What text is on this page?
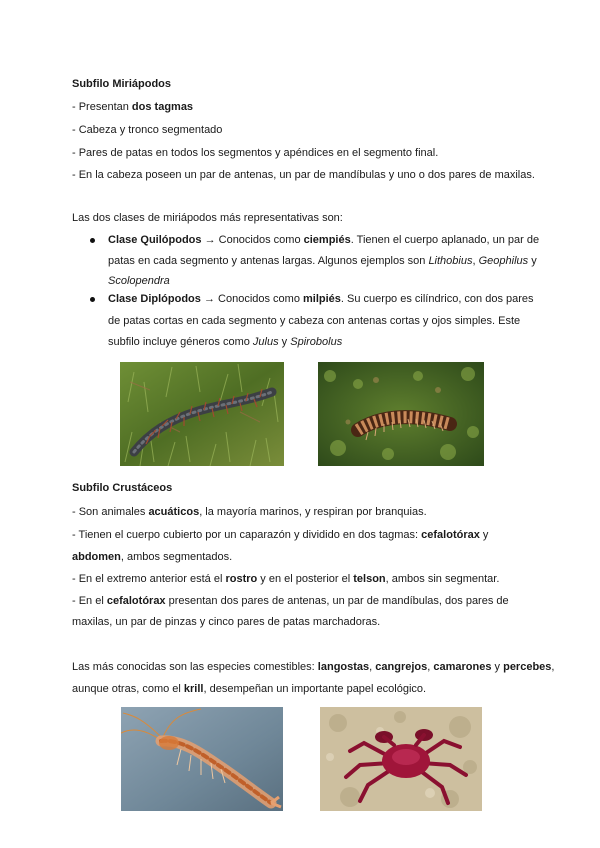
Subfilo Miriápodos
- Presentan dos tagmas
- Cabeza y tronco segmentado
- Pares de patas en todos los segmentos y apéndices en el segmento final.
- En la cabeza poseen un par de antenas, un par de mandíbulas y uno o dos pares de maxilas.
Las dos clases de miriápodos más representativas son:
Clase Quilópodos → Conocidos como ciempiés. Tienen el cuerpo aplanado, un par de
patas en cada segmento y antenas largas. Algunos ejemplos son Lithobius, Geophilus y
Scolopendra
Clase Diplópodos → Conocidos como milpiés. Su cuerpo es cilíndrico, con dos pares
de patas cortas en cada segmento y cabeza con antenas cortas y ojos simples. Este
subfilo incluye géneros como Julus y Spirobolus
Subfilo Crustáceos
- Son animales acuáticos, la mayoría marinos, y respiran por branquias.
- Tienen el cuerpo cubierto por un caparazón y dividido en dos tagmas: cefalotórax y
abdomen, ambos segmentados.
- En el extremo anterior está el rostro y en el posterior el telson, ambos sin segmentar.
- En el cefalotórax presentan dos pares de antenas, un par de mandíbulas, dos pares de
maxilas, un par de pinzas y cinco pares de patas marchadoras.
Las más conocidas son las especies comestibles: langostas, cangrejos, camarones y percebes,
aunque otras, como el krill, desempeñan un importante papel ecológico.
